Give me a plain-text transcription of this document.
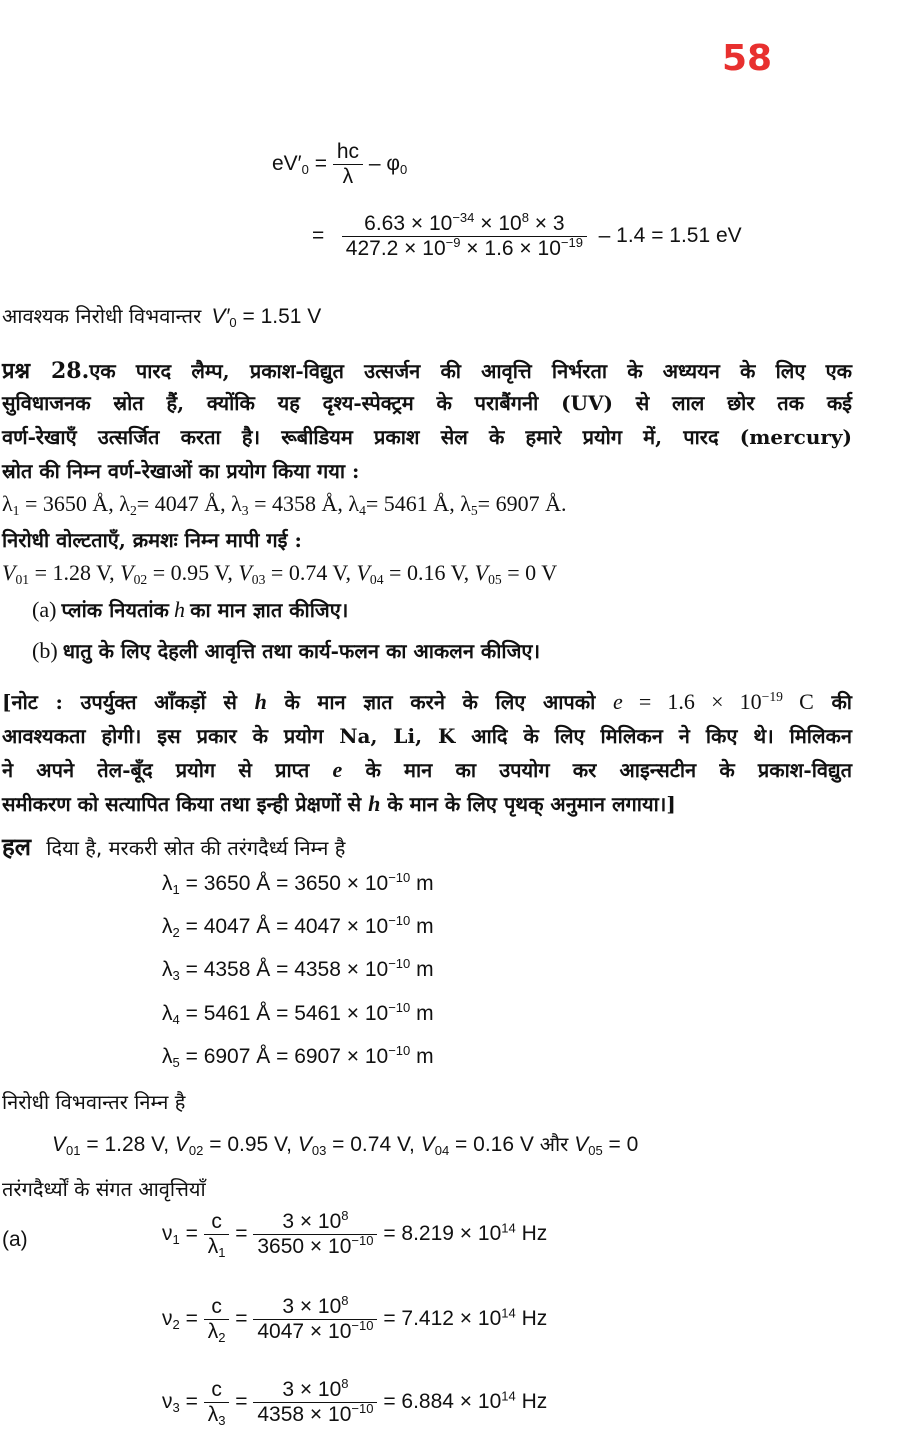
58
$eV'_0 = \frac{hc}{\lambda} - \varphi_0$
= $\frac{6.63 \times 10^{-34} \times 10^8 \times 3}{427.2 \times 10^{-9} \times 1.6 \times 10^{-19}} - 1.4 = 1.51$ eV
आवश्यक निरोधी विभवान्तर $V'_0 = 1.51$ V
प्रश्न 28.एक पारद लैम्प, प्रकाश-विद्युत उत्सर्जन की आवृत्ति निर्भरता के अध्ययन के लिए एक
सुविधाजनक स्रोत हैं, क्योंकि यह दृश्य-स्पेक्ट्रम के पराबैंगनी (UV) से लाल छोर तक कई
वर्ण-रेखाएँ उत्सर्जित करता है। रूबीडियम प्रकाश सेल के हमारे प्रयोग में, पारद (mercury)
स्रोत की निम्न वर्ण-रेखाओं का प्रयोग किया गया :
$\lambda_1 = 3650$ Å, $\lambda_2= 4047$ Å, $\lambda_3 = 4358$ Å, $\lambda_4= 5461$ Å, $\lambda_5= 6907$ Å.
निरोधी वोल्टताएँ, क्रमशः निम्न मापी गई :
$V_{01} = 1.28$ V, $V_{02} = 0.95$ V, $V_{03} = 0.74$ V, $V_{04} = 0.16$ V, $V_{05} = 0$ V
(a) प्लांक नियतांक h का मान ज्ञात कीजिए।
(b) धातु के लिए देहली आवृत्ति तथा कार्य-फलन का आकलन कीजिए।
[नोट : उपर्युक्त आँकड़ों से h के मान ज्ञात करने के लिए आपको $e = 1.6 \times 10^{-19}$ C की
आवश्यकता होगी। इस प्रकार के प्रयोग Na, Li, K आदि के लिए मिलिकन ने किए थे। मिलिकन
ने अपने तेल-बूँद प्रयोग से प्राप्त e के मान का उपयोग कर आइन्सटीन के प्रकाश-विद्युत
समीकरण को सत्यापित किया तथा इन्ही प्रेक्षणों से h के मान के लिए पृथक् अनुमान लगाया।]
हल दिया है, मरकरी स्रोत की तरंगदैर्ध्य निम्न है
$\lambda_1 = 3650$ Å = $3650 \times 10^{-10}$ m
$\lambda_2 = 4047$ Å = $4047 \times 10^{-10}$ m
$\lambda_3 = 4358$ Å = $4358 \times 10^{-10}$ m
$\lambda_4 = 5461$ Å = $5461 \times 10^{-10}$ m
$\lambda_5 = 6907$ Å = $6907 \times 10^{-10}$ m
निरोधी विभवान्तर निम्न है
$V_{01} = 1.28$ V, $V_{02} = 0.95$ V, $V_{03} = 0.74$ V, $V_{04} = 0.16$ V और $V_{05} = 0$
तरंगदैर्ध्यों के संगत आवृत्तियाँ
(a)	$\nu_1 = \frac{c}{\lambda_1} = \frac{3 \times 10^8}{3650 \times 10^{-10}} = 8.219 \times 10^{14}$ Hz
$\nu_2 = \frac{c}{\lambda_2} = \frac{3 \times 10^8}{4047 \times 10^{-10}} = 7.412 \times 10^{14}$ Hz
$\nu_3 = \frac{c}{\lambda_3} = \frac{3 \times 10^8}{4358 \times 10^{-10}} = 6.884 \times 10^{14}$ Hz
